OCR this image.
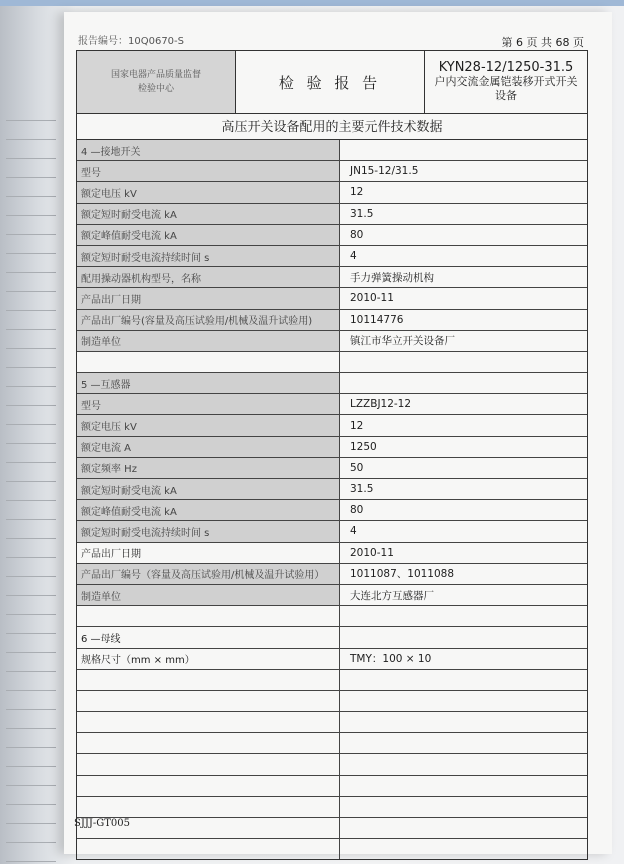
报告编号：10Q0670-S	第 6 页 共 68 页
国家电器产品质量监督
检验中心	检 验 报 告
KYN28-12/1250-31.5
户内交流金属铠装移开式开关
设备
高压开关设备配用的主要元件技术数据
4 —接地开关
型号	JN15-12/31.5
额定电压 kV	12
额定短时耐受电流 kA	31.5
额定峰值耐受电流 kA	80
额定短时耐受电流持续时间 s	4
配用操动器机构型号，名称	手力弹簧操动机构
产品出厂日期	2010-11
产品出厂编号(容量及高压试验用/机械及温升试验用)	10114776
制造单位	镇江市华立开关设备厂
5 —互感器
型号	LZZBJ12-12
额定电压 kV	12
额定电流 A	1250
额定频率 Hz	50
额定短时耐受电流 kA	31.5
额定峰值耐受电流 kA	80
额定短时耐受电流持续时间 s	4
产品出厂日期	2010-11
产品出厂编号（容量及高压试验用/机械及温升试验用）	1011087、1011088
制造单位	大连北方互感器厂
6 —母线
规格尺寸（mm × mm）	TMY：100 × 10
SJJJ-GT005
